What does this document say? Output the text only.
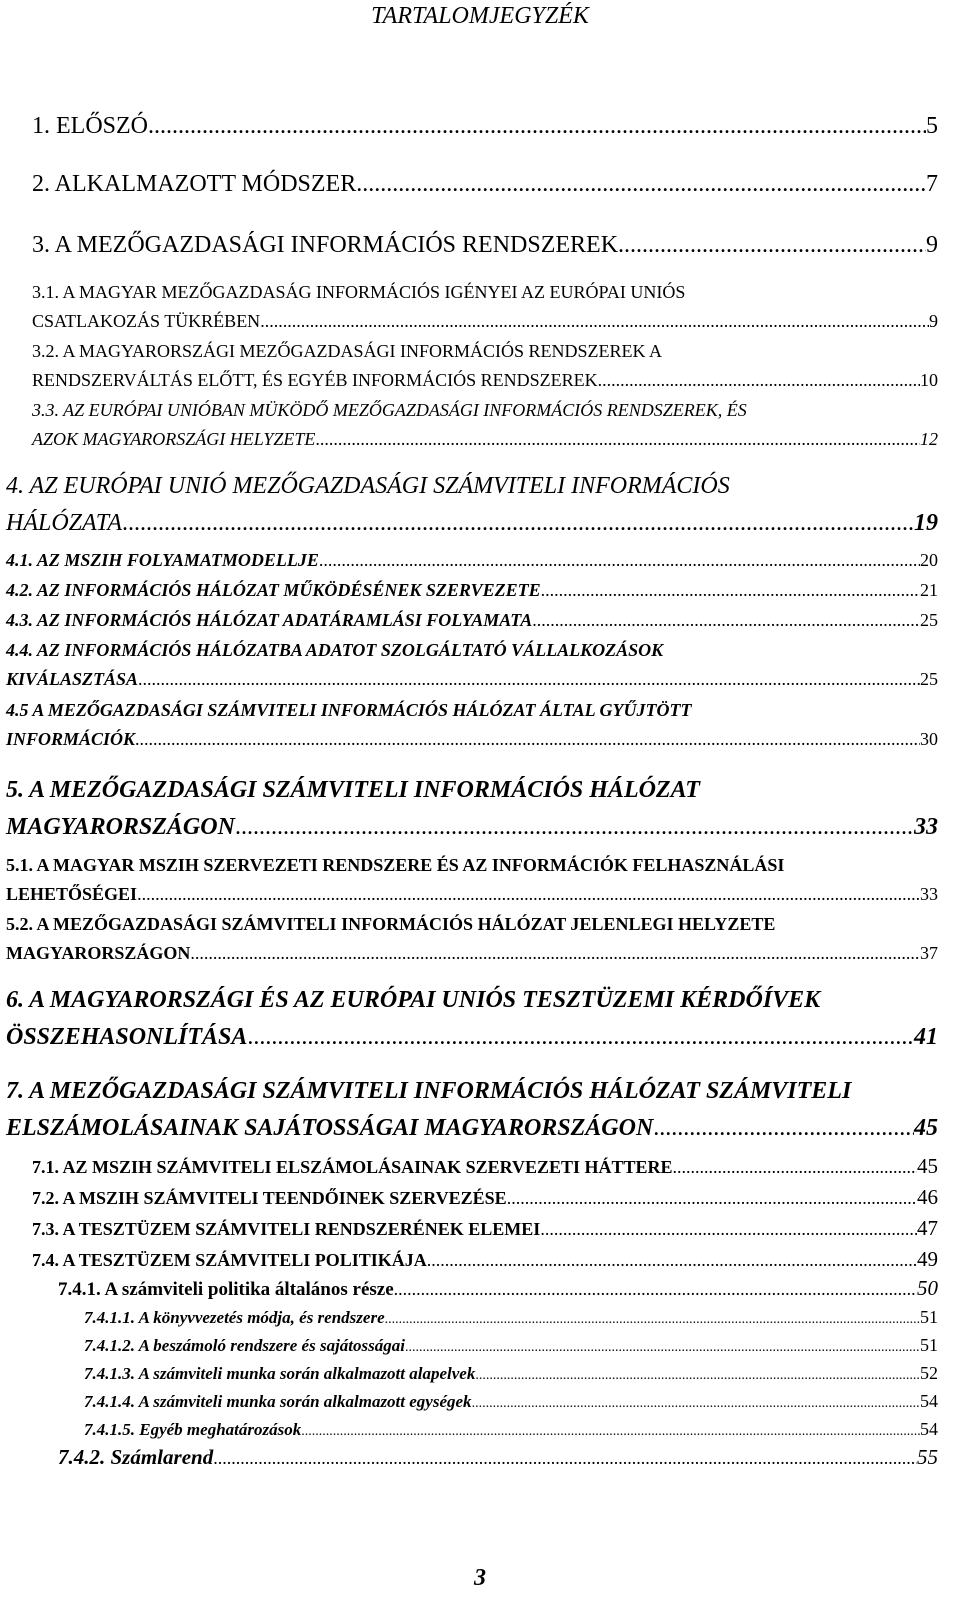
TARTALOMJEGYZÉK
1. ELŐSZÓ .....	5
2. ALKALMAZOTT MÓDSZER .....	7
3. A MEZŐGAZDASÁGI INFORMÁCIÓS RENDSZEREK .....	9
3.1. A MAGYAR MEZŐGAZDASÁG INFORMÁCIÓS IGÉNYEI AZ EURÓPAI UNIÓS
CSATLAKOZÁS TÜKRÉBEN .....	9
3.2. A MAGYARORSZÁGI MEZŐGAZDASÁGI INFORMÁCIÓS RENDSZEREK A
RENDSZERVÁLTÁS ELŐTT, ÉS EGYÉB INFORMÁCIÓS RENDSZEREK .....	10
3.3. AZ EURÓPAI UNIÓBAN MÜKÖDŐ MEZŐGAZDASÁGI INFORMÁCIÓS RENDSZEREK, ÉS
AZOK MAGYARORSZÁGI HELYZETE .....	12
4. AZ EURÓPAI UNIÓ MEZŐGAZDASÁGI SZÁMVITELI INFORMÁCIÓS
HÁLÓZATA .....	19
4.1. AZ MSZIH FOLYAMATMODELLJE .....	20
4.2. AZ INFORMÁCIÓS HÁLÓZAT MŰKÖDÉSÉNEK SZERVEZETE .....	21
4.3. AZ INFORMÁCIÓS HÁLÓZAT ADATÁRAMLÁSI FOLYAMATA .....	25
4.4. AZ INFORMÁCIÓS HÁLÓZATBA ADATOT SZOLGÁLTATÓ VÁLLALKOZÁSOK
KIVÁLASZTÁSA .....	25
4.5 A MEZŐGAZDASÁGI SZÁMVITELI INFORMÁCIÓS HÁLÓZAT ÁLTAL GYŰJTÖTT
INFORMÁCIÓK .....	30
5. A MEZŐGAZDASÁGI SZÁMVITELI INFORMÁCIÓS HÁLÓZAT
MAGYARORSZÁGON .....	33
5.1. A MAGYAR MSZIH SZERVEZETI RENDSZERE ÉS AZ INFORMÁCIÓK FELHASZNÁLÁSI
LEHETŐSÉGEI .....	33
5.2. A MEZŐGAZDASÁGI SZÁMVITELI INFORMÁCIÓS HÁLÓZAT JELENLEGI HELYZETE
MAGYARORSZÁGON .....	37
6. A MAGYARORSZÁGI ÉS AZ EURÓPAI UNIÓS TESZTÜZEMI KÉRDŐÍVEK
ÖSSZEHASONLÍTÁSA .....	41
7. A MEZŐGAZDASÁGI SZÁMVITELI INFORMÁCIÓS HÁLÓZAT SZÁMVITELI
ELSZÁMOLÁSAINAK SAJÁTOSSÁGAI MAGYARORSZÁGON .....	45
7.1. AZ MSZIH SZÁMVITELI ELSZÁMOLÁSAINAK SZERVEZETI HÁTTERE .....	45
7.2. A MSZIH SZÁMVITELI TEENDŐINEK SZERVEZÉSE .....	46
7.3. A TESZTÜZEM SZÁMVITELI RENDSZERÉNEK ELEMEI .....	47
7.4. A TESZTÜZEM SZÁMVITELI POLITIKÁJA .....	49
7.4.1. A számviteli politika általános része .....	50
7.4.1.1. A könyvvezetés módja, és rendszere .....	51
7.4.1.2. A beszámoló rendszere és sajátosságai .....	51
7.4.1.3. A számviteli munka során alkalmazott alapelvek .....	52
7.4.1.4. A számviteli munka során alkalmazott egységek .....	54
7.4.1.5. Egyéb meghatározások .....	54
7.4.2. Számlarend .....	55
3
